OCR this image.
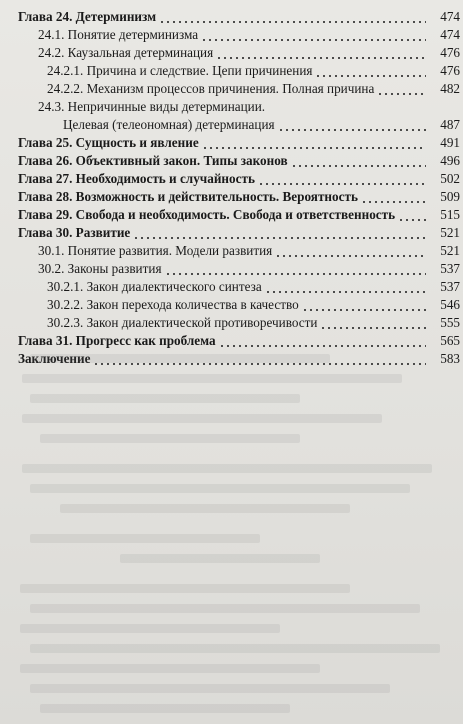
Глава 24. Детерминизм	474
24.1. Понятие детерминизма	474
24.2. Каузальная детерминация	476
24.2.1. Причина и следствие. Цепи причинения	476
24.2.2. Механизм процессов причинения. Полная причина	482
24.3. Непричинные виды детерминации.
Целевая (телеономная) детерминация	487
Глава 25. Сущность и явление	491
Глава 26. Объективный закон. Типы законов	496
Глава 27. Необходимость и случайность	502
Глава 28. Возможность и действительность. Вероятность	509
Глава 29. Свобода и необходимость. Свобода и ответственность	515
Глава 30. Развитие	521
30.1. Понятие развития. Модели развития	521
30.2. Законы развития	537
30.2.1. Закон диалектического синтеза	537
30.2.2. Закон перехода количества в качество	546
30.2.3. Закон диалектической противоречивости	555
Глава 31. Прогресс как проблема	565
Заключение	583
